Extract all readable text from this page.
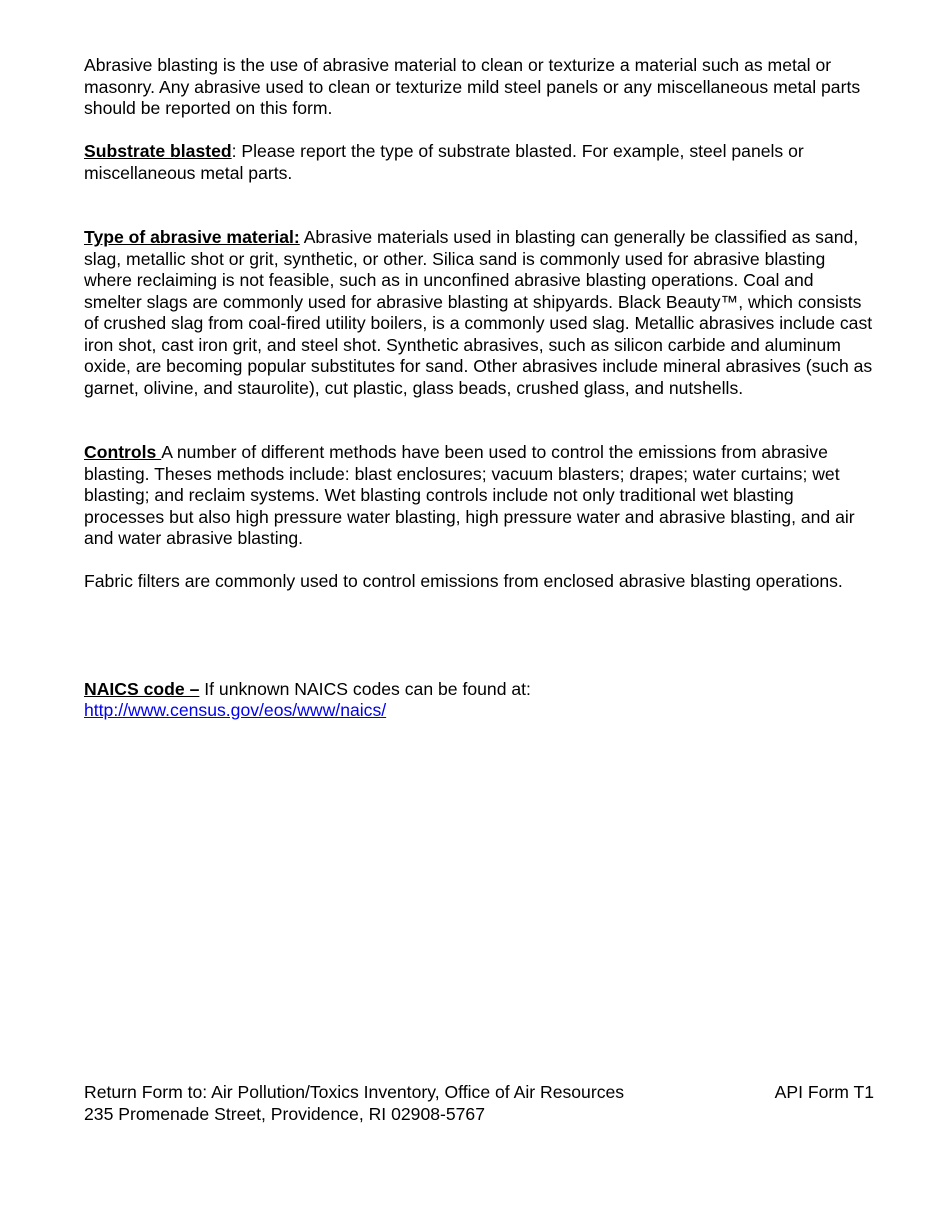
Abrasive blasting is the use of abrasive material to clean or texturize a material such as metal or masonry. Any abrasive used to clean or texturize mild steel panels or any miscellaneous metal parts should be reported on this form.

Substrate blasted: Please report the type of substrate blasted. For example, steel panels or miscellaneous metal parts.

Type of abrasive material: Abrasive materials used in blasting can generally be classified as sand, slag, metallic shot or grit, synthetic, or other. Silica sand is commonly used for abrasive blasting where reclaiming is not feasible, such as in unconfined abrasive blasting operations. Coal and smelter slags are commonly used for abrasive blasting at shipyards. Black Beauty™, which consists of crushed slag from coal-fired utility boilers, is a commonly used slag. Metallic abrasives include cast iron shot, cast iron grit, and steel shot. Synthetic abrasives, such as silicon carbide and aluminum oxide, are becoming popular substitutes for sand. Other abrasives include mineral abrasives (such as garnet, olivine, and staurolite), cut plastic, glass beads, crushed glass, and nutshells.

Controls A number of different methods have been used to control the emissions from abrasive blasting. Theses methods include: blast enclosures; vacuum blasters; drapes; water curtains; wet blasting; and reclaim systems. Wet blasting controls include not only traditional wet blasting processes but also high pressure water blasting, high pressure water and abrasive blasting, and air and water abrasive blasting.

Fabric filters are commonly used to control emissions from enclosed abrasive blasting operations.

NAICS code – If unknown NAICS codes can be found at:
http://www.census.gov/eos/www/naics/

Return Form to: Air Pollution/Toxics Inventory, Office of Air Resources	API Form T1
235 Promenade Street, Providence, RI 02908-5767
